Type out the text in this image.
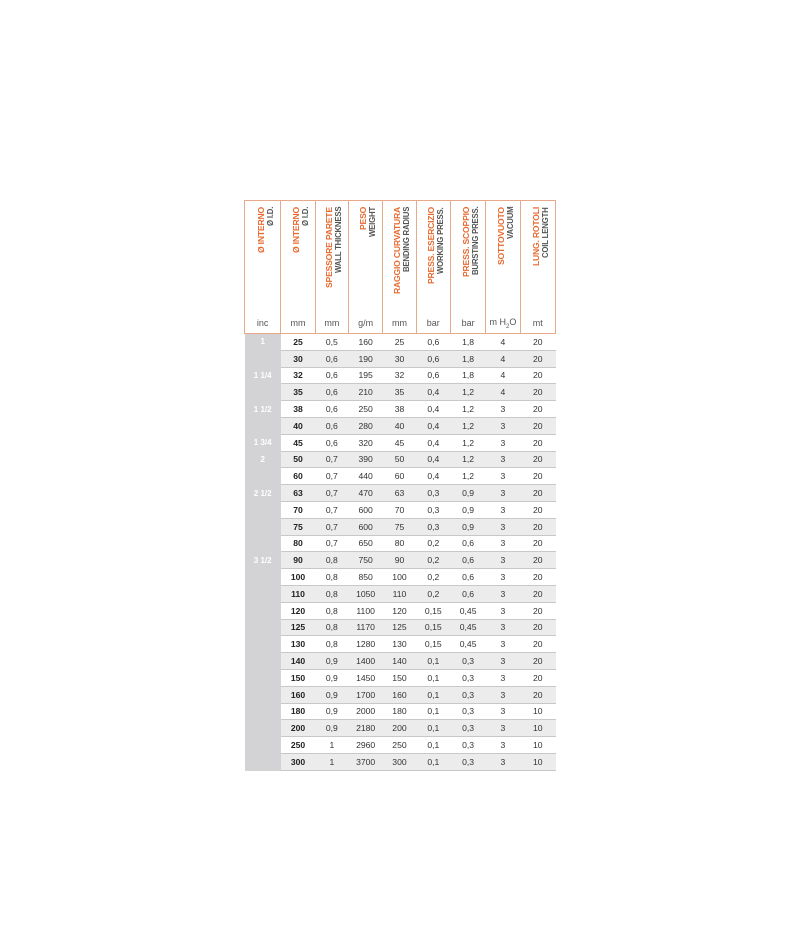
Ø INTERNO Ø I.D.	Ø INTERNO Ø I.D.	SPESSORE PARETE WALL THICKNESS	PESO WEIGHT	RAGGIO CURVATURA BENDING RADIUS	PRESS. ESERCIZIO WORKING PRESS.	PRESS. SCOPPIO BURSTING PRESS.	SOTTOVUOTO VACUUM	LUNG. ROTOLI COIL LENGTH

inc	mm	mm	g/m	mm	bar	bar	m $H_2O$	mt
1	25	0,5	160	25	0,6	1,8	4	20
	30	0,6	190	30	0,6	1,8	4	20
1 1/4	32	0,6	195	32	0,6	1,8	4	20
	35	0,6	210	35	0,4	1,2	4	20
1 1/2	38	0,6	250	38	0,4	1,2	3	20
	40	0,6	280	40	0,4	1,2	3	20
1 3/4	45	0,6	320	45	0,4	1,2	3	20
2	50	0,7	390	50	0,4	1,2	3	20
	60	0,7	440	60	0,4	1,2	3	20
2 1/2	63	0,7	470	63	0,3	0,9	3	20
	70	0,7	600	70	0,3	0,9	3	20
	75	0,7	600	75	0,3	0,9	3	20
	80	0,7	650	80	0,2	0,6	3	20
3 1/2	90	0,8	750	90	0,2	0,6	3	20
	100	0,8	850	100	0,2	0,6	3	20
	110	0,8	1050	110	0,2	0,6	3	20
	120	0,8	1100	120	0,15	0,45	3	20
	125	0,8	1170	125	0,15	0,45	3	20
	130	0,8	1280	130	0,15	0,45	3	20
	140	0,9	1400	140	0,1	0,3	3	20
	150	0,9	1450	150	0,1	0,3	3	20
	160	0,9	1700	160	0,1	0,3	3	20
	180	0,9	2000	180	0,1	0,3	3	10
	200	0,9	2180	200	0,1	0,3	3	10
	250	1	2960	250	0,1	0,3	3	10
	300	1	3700	300	0,1	0,3	3	10
